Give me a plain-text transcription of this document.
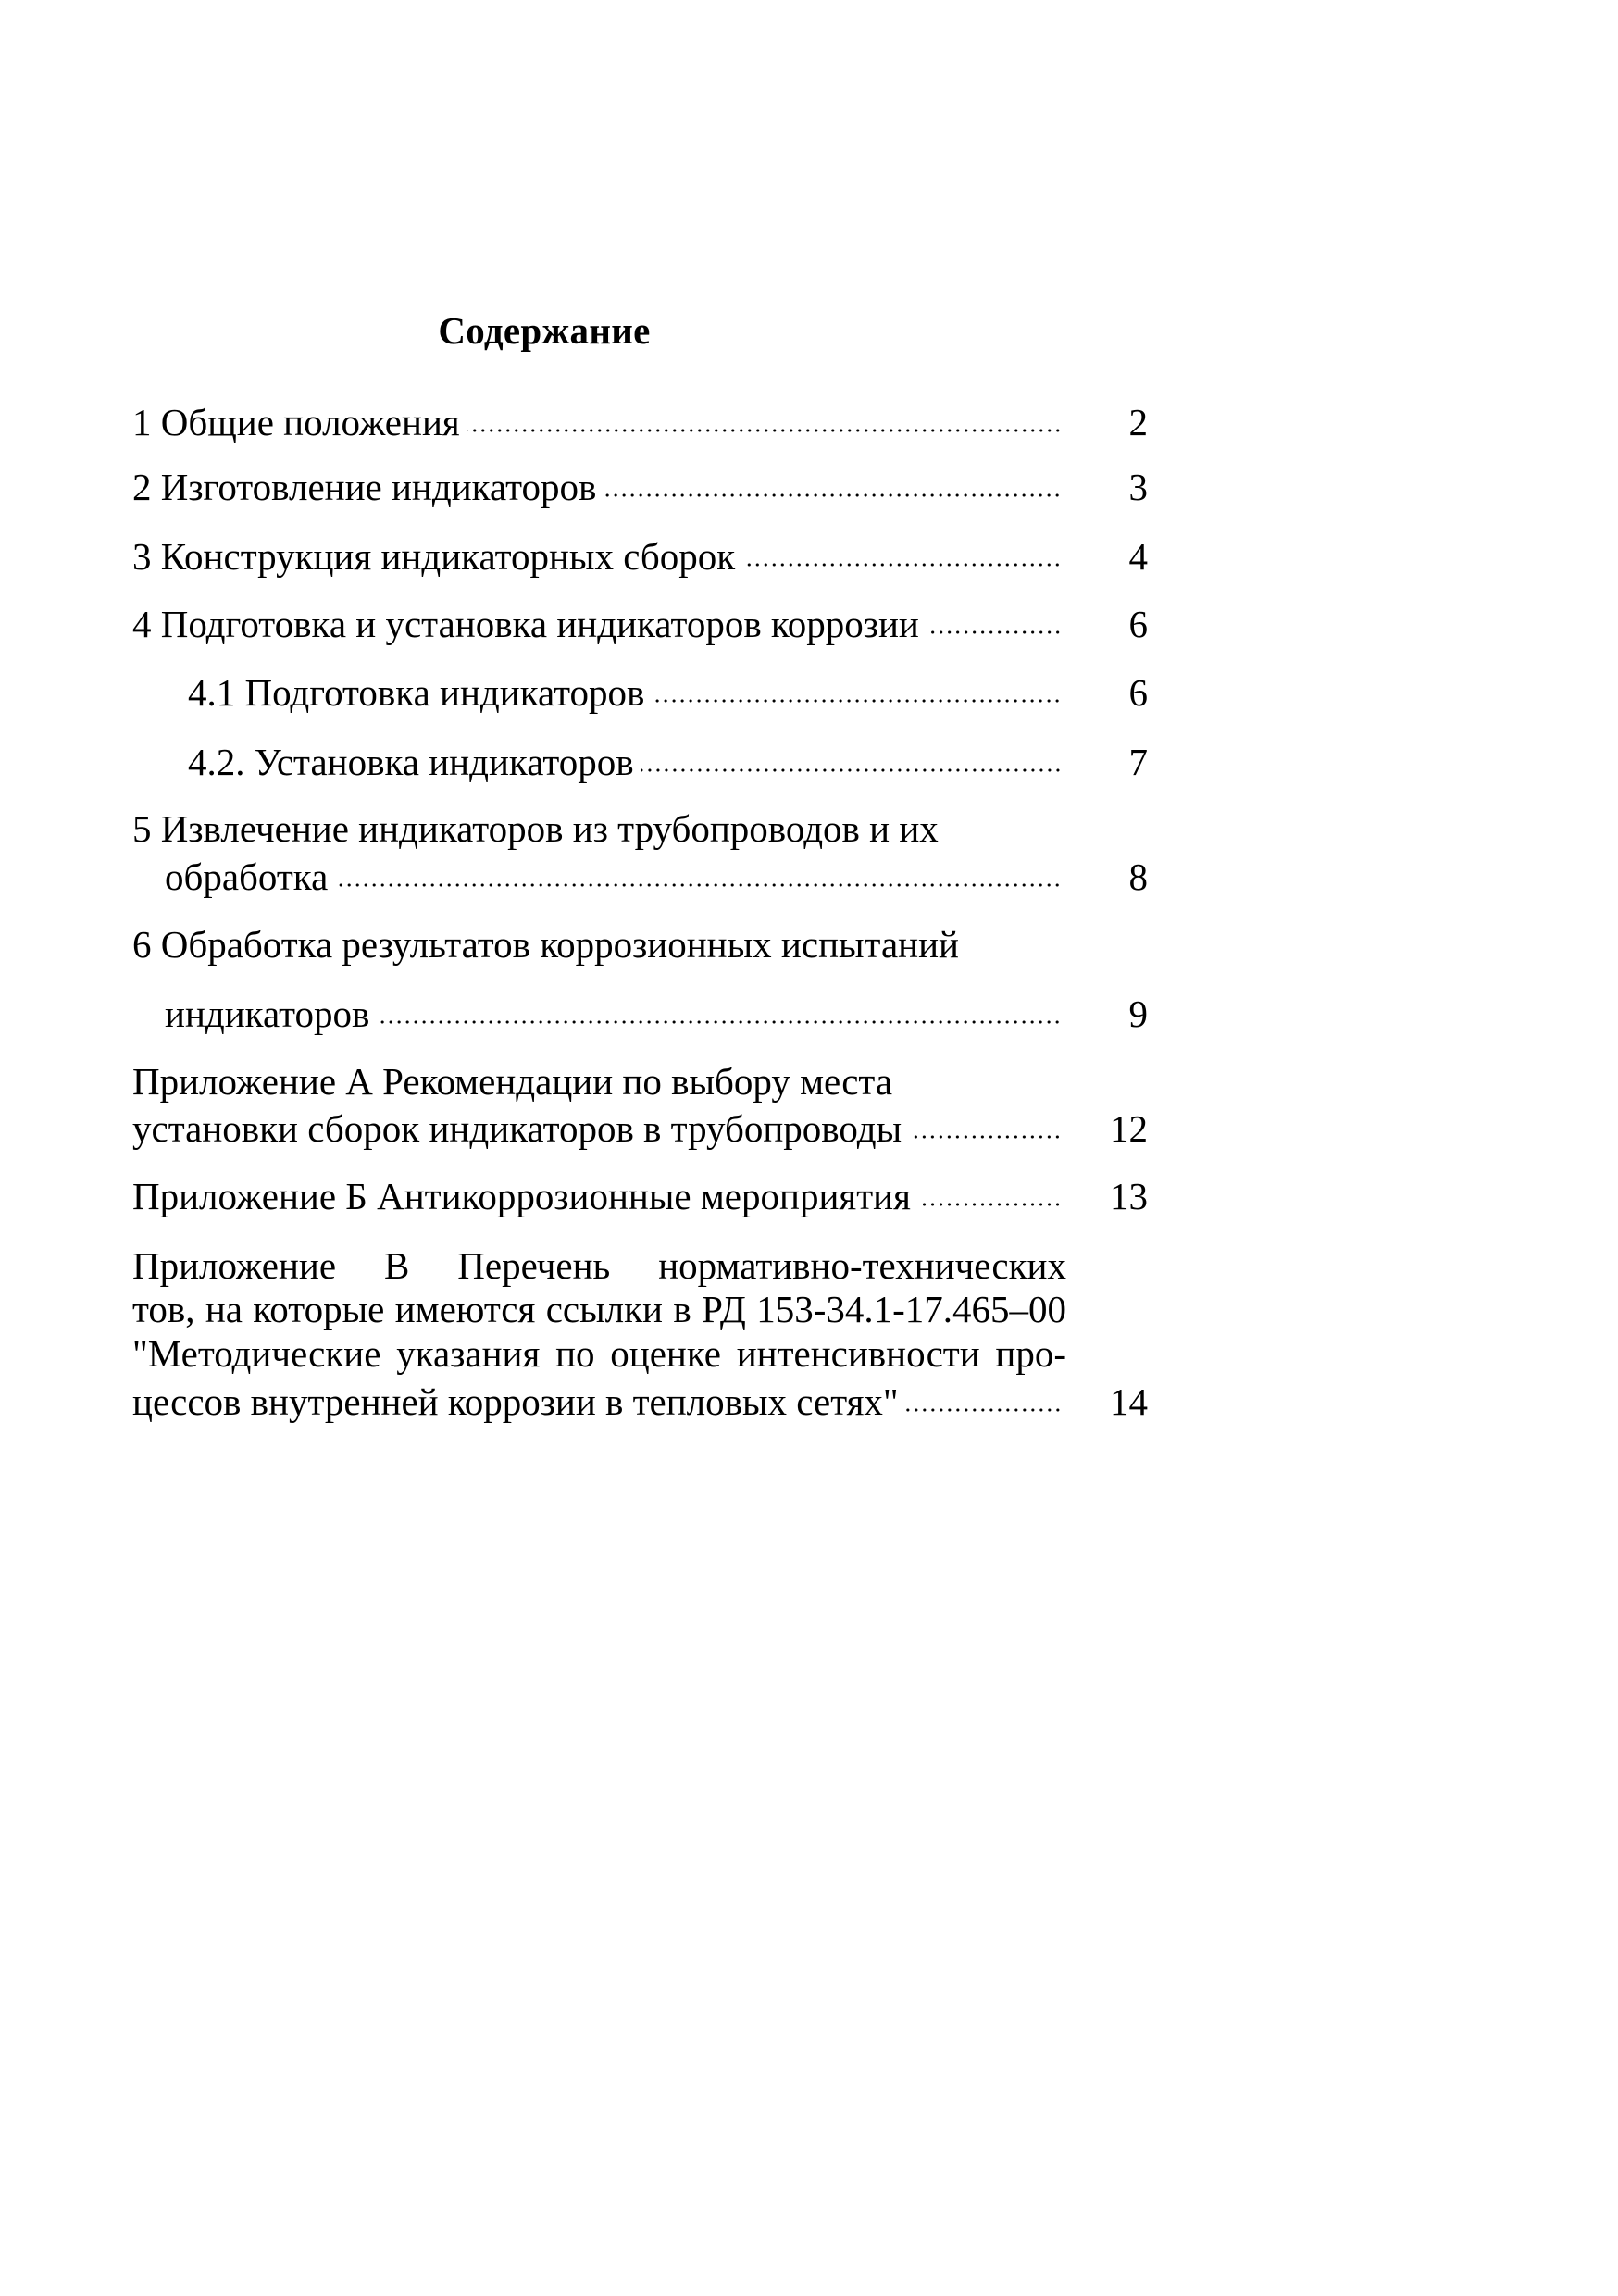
Содержание
2
1 Общие положения
3
2 Изготовление индикаторов
4
3 Конструкция индикаторных сборок
6
4 Подготовка и установка индикаторов коррозии
6
4.1 Подготовка индикаторов
7
4.2. Установка индикаторов
5 Извлечение индикаторов из трубопроводов и их
8
обработка
6 Обработка результатов коррозионных испытаний
9
индикаторов
Приложение А Рекомендации по выбору места
12
установки сборок индикаторов в трубопроводы
13
Приложение Б Антикоррозионные мероприятия
Приложение В Перечень нормативно-технических
тов, на которые имеются ссылки в РД 153-34.1-17.465–00
"Методические указания по оценке интенсивности про-
14
цессов внутренней коррозии в тепловых сетях"
